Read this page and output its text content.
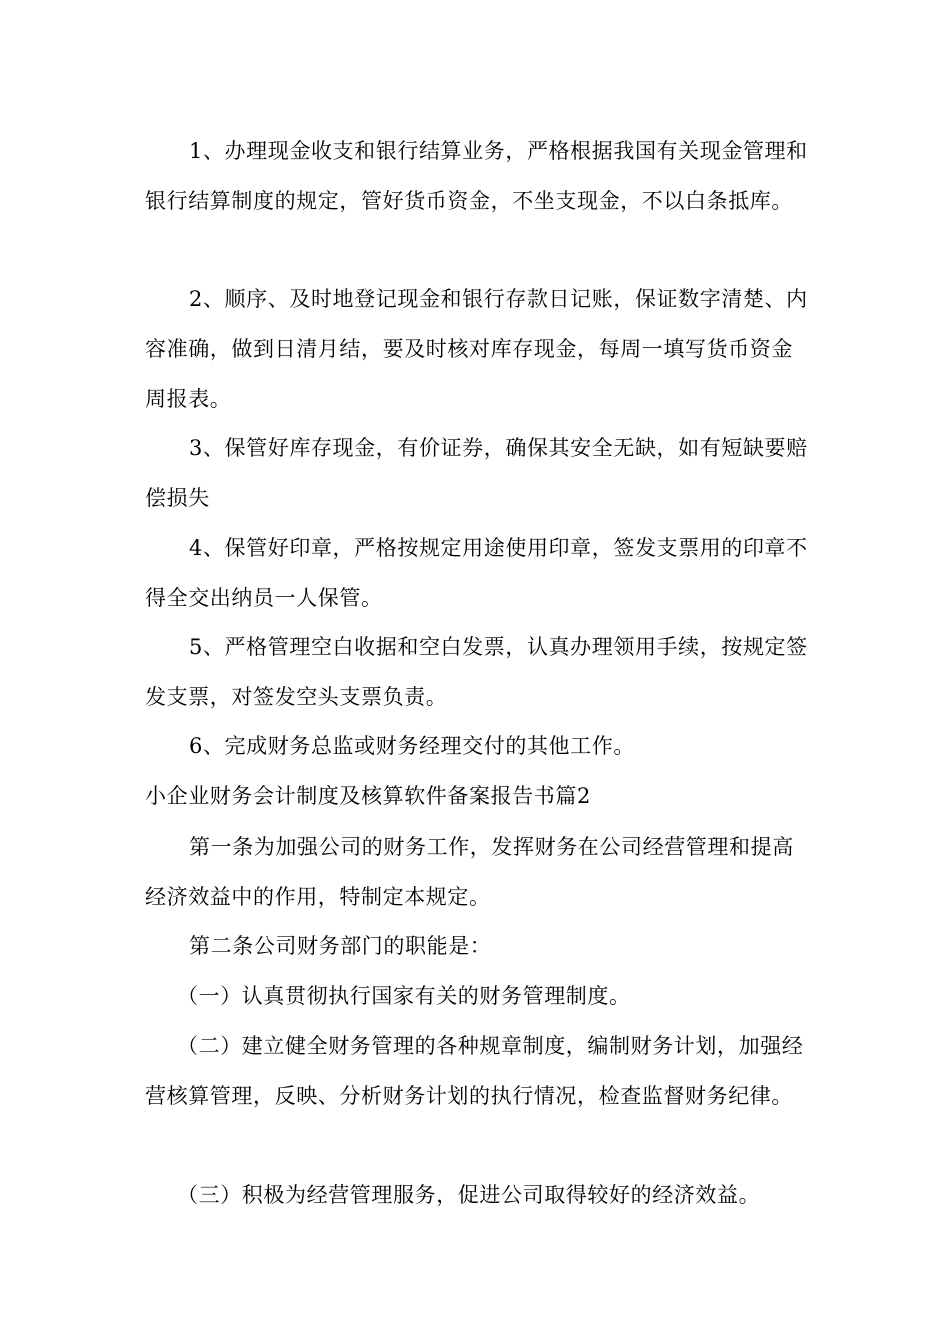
1、办理现金收支和银行结算业务，严格根据我国有关现金管理和银行结算制度的规定，管好货币资金，不坐支现金，不以白条抵库。

2、顺序、及时地登记现金和银行存款日记账，保证数字清楚、内容准确，做到日清月结，要及时核对库存现金，每周一填写货币资金周报表。

3、保管好库存现金，有价证券，确保其安全无缺，如有短缺要赔偿损失

4、保管好印章，严格按规定用途使用印章，签发支票用的印章不得全交出纳员一人保管。

5、严格管理空白收据和空白发票，认真办理领用手续，按规定签发支票，对签发空头支票负责。

6、完成财务总监或财务经理交付的其他工作。

小企业财务会计制度及核算软件备案报告书篇2

第一条为加强公司的财务工作，发挥财务在公司经营管理和提高经济效益中的作用，特制定本规定。

第二条公司财务部门的职能是：

（一）认真贯彻执行国家有关的财务管理制度。

（二）建立健全财务管理的各种规章制度，编制财务计划，加强经营核算管理，反映、分析财务计划的执行情况，检查监督财务纪律。

（三）积极为经营管理服务，促进公司取得较好的经济效益。
